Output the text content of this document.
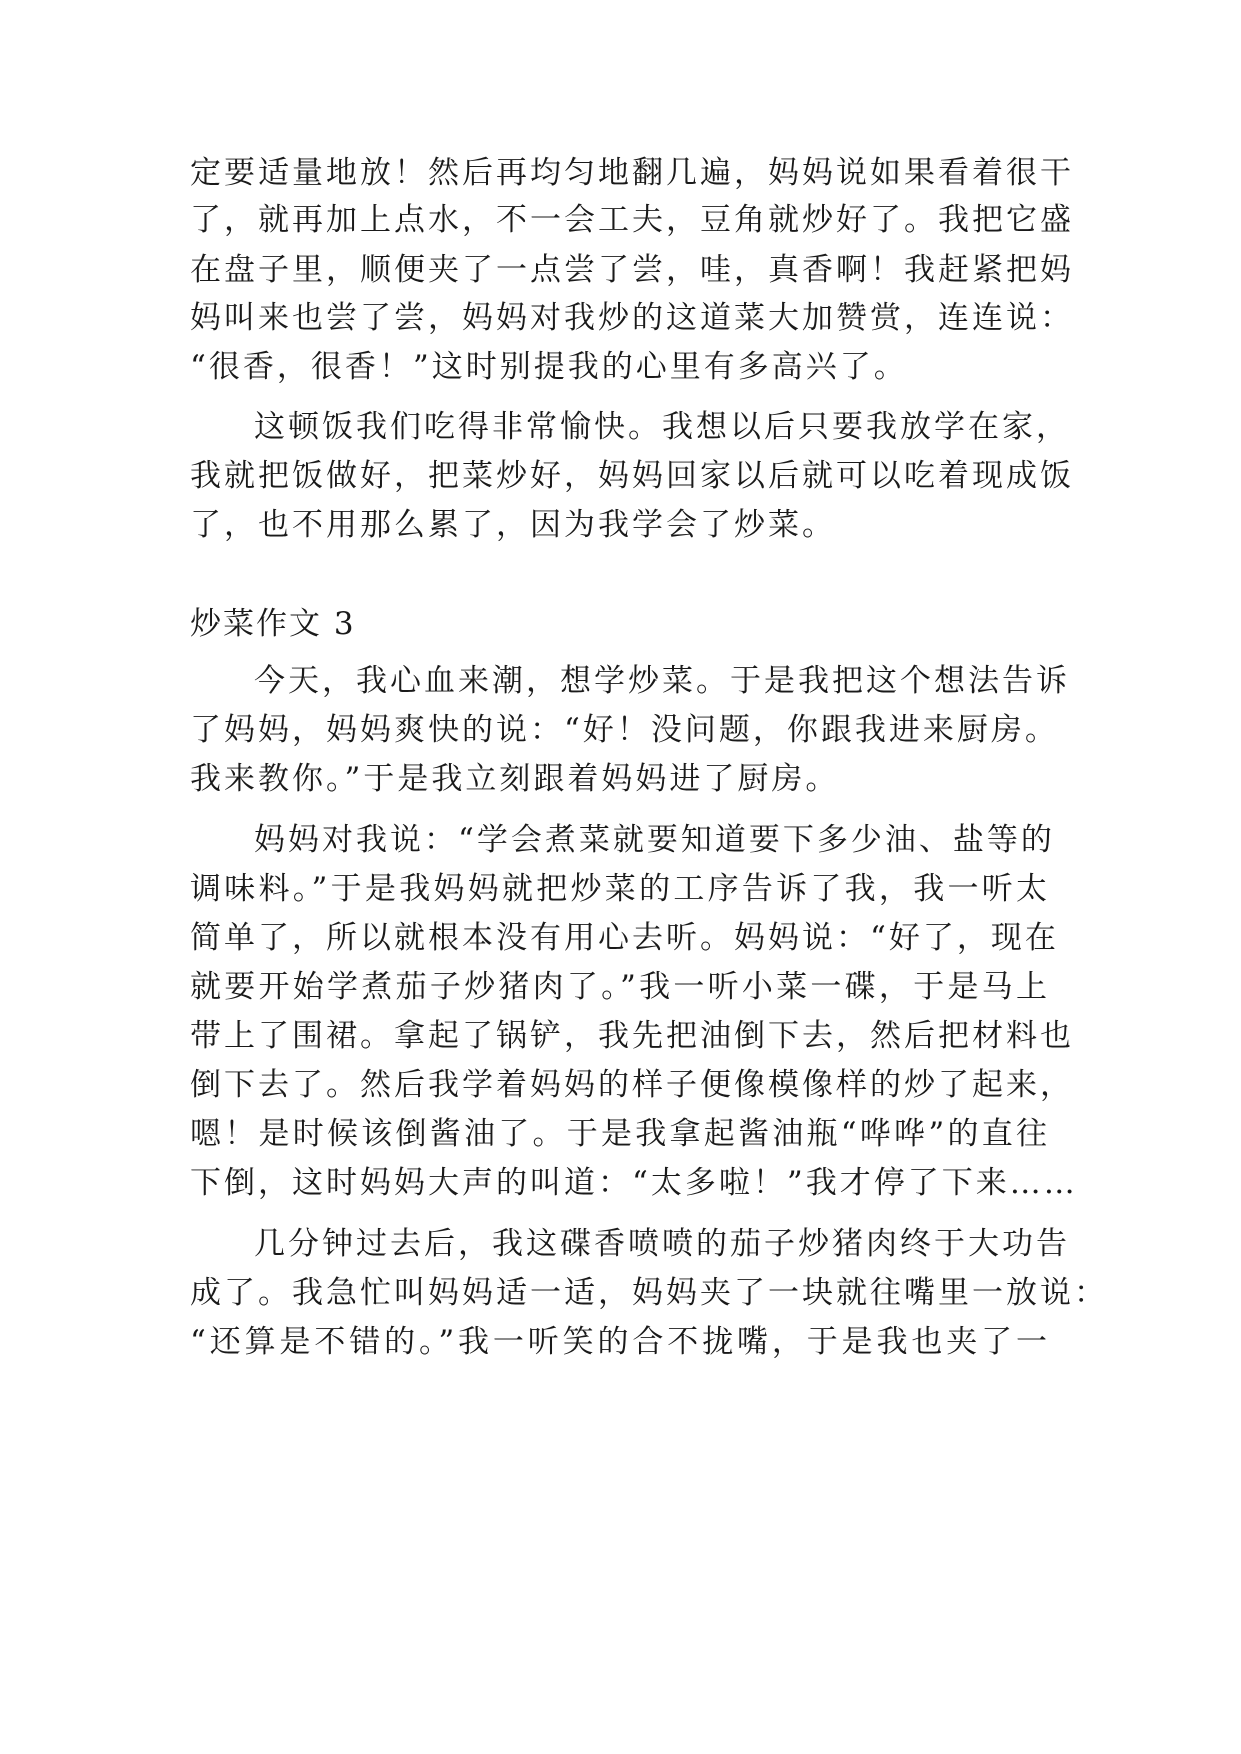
定要适量地放！然后再均匀地翻几遍，妈妈说如果看着很干
了，就再加上点水，不一会工夫，豆角就炒好了。我把它盛
在盘子里，顺便夹了一点尝了尝，哇，真香啊！我赶紧把妈
妈叫来也尝了尝，妈妈对我炒的这道菜大加赞赏，连连说：
“很香，很香！”这时别提我的心里有多高兴了。
这顿饭我们吃得非常愉快。我想以后只要我放学在家，
我就把饭做好，把菜炒好，妈妈回家以后就可以吃着现成饭
了，也不用那么累了，因为我学会了炒菜。
炒菜作文 3
今天，我心血来潮，想学炒菜。于是我把这个想法告诉
了妈妈，妈妈爽快的说：“好！没问题，你跟我进来厨房。
我来教你。”于是我立刻跟着妈妈进了厨房。
妈妈对我说：“学会煮菜就要知道要下多少油、盐等的
调味料。”于是我妈妈就把炒菜的工序告诉了我，我一听太
简单了，所以就根本没有用心去听。妈妈说：“好了，现在
就要开始学煮茄子炒猪肉了。”我一听小菜一碟，于是马上
带上了围裙。拿起了锅铲，我先把油倒下去，然后把材料也
倒下去了。然后我学着妈妈的样子便像模像样的炒了起来，
嗯！是时候该倒酱油了。于是我拿起酱油瓶“哗哗”的直往
下倒，这时妈妈大声的叫道：“太多啦！”我才停了下来……
几分钟过去后，我这碟香喷喷的茄子炒猪肉终于大功告
成了。我急忙叫妈妈适一适，妈妈夹了一块就往嘴里一放说：
“还算是不错的。”我一听笑的合不拢嘴，于是我也夹了一
